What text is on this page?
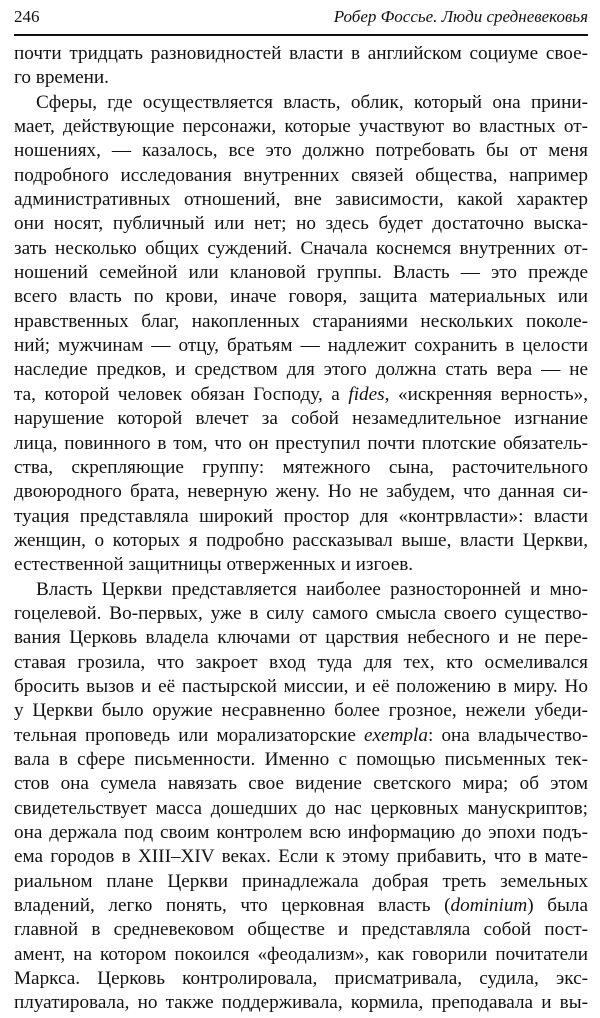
246	Робер Фоссье. Люди средневековья
почти тридцать разновидностей власти в английском социуме свое-
го времени.
Сферы, где осуществляется власть, облик, который она прини-
мает, действующие персонажи, которые участвуют во властных от-
ношениях, — казалось, все это должно потребовать бы от меня
подробного исследования внутренних связей общества, например
административных отношений, вне зависимости, какой характер
они носят, публичный или нет; но здесь будет достаточно выска-
зать несколько общих суждений. Сначала коснемся внутренних от-
ношений семейной или клановой группы. Власть — это прежде
всего власть по крови, иначе говоря, защита материальных или
нравственных благ, накопленных стараниями нескольких поколе-
ний; мужчинам — отцу, братьям — надлежит сохранить в целости
наследие предков, и средством для этого должна стать вера — не
та, которой человек обязан Господу, а fides, «искренняя верность»,
нарушение которой влечет за собой незамедлительное изгнание
лица, повинного в том, что он преступил почти плотские обязатель-
ства, скрепляющие группу: мятежного сына, расточительного
двоюродного брата, неверную жену. Но не забудем, что данная си-
туация представляла широкий простор для «контрвласти»: власти
женщин, о которых я подробно рассказывал выше, власти Церкви,
естественной защитницы отверженных и изгоев.
Власть Церкви представляется наиболее разносторонней и мно-
гоцелевой. Во-первых, уже в силу самого смысла своего существо-
вания Церковь владела ключами от царствия небесного и не пере-
ставая грозила, что закроет вход туда для тех, кто осмеливался
бросить вызов и её пастырской миссии, и её положению в миру. Но
у Церкви было оружие несравненно более грозное, нежели убеди-
тельная проповедь или морализаторские exempla: она владычество-
вала в сфере письменности. Именно с помощью письменных тек-
стов она сумела навязать свое видение светского мира; об этом
свидетельствует масса дошедших до нас церковных манускриптов;
она держала под своим контролем всю информацию до эпохи подъ-
ема городов в XIII–XIV веках. Если к этому прибавить, что в мате-
риальном плане Церкви принадлежала добрая треть земельных
владений, легко понять, что церковная власть (dominium) была
главной в средневековом обществе и представляла собой пост-
амент, на котором покоился «феодализм», как говорили почитатели
Маркса. Церковь контролировала, присматривала, судила, экс-
плуатировала, но также поддерживала, кормила, преподавала и вы-
